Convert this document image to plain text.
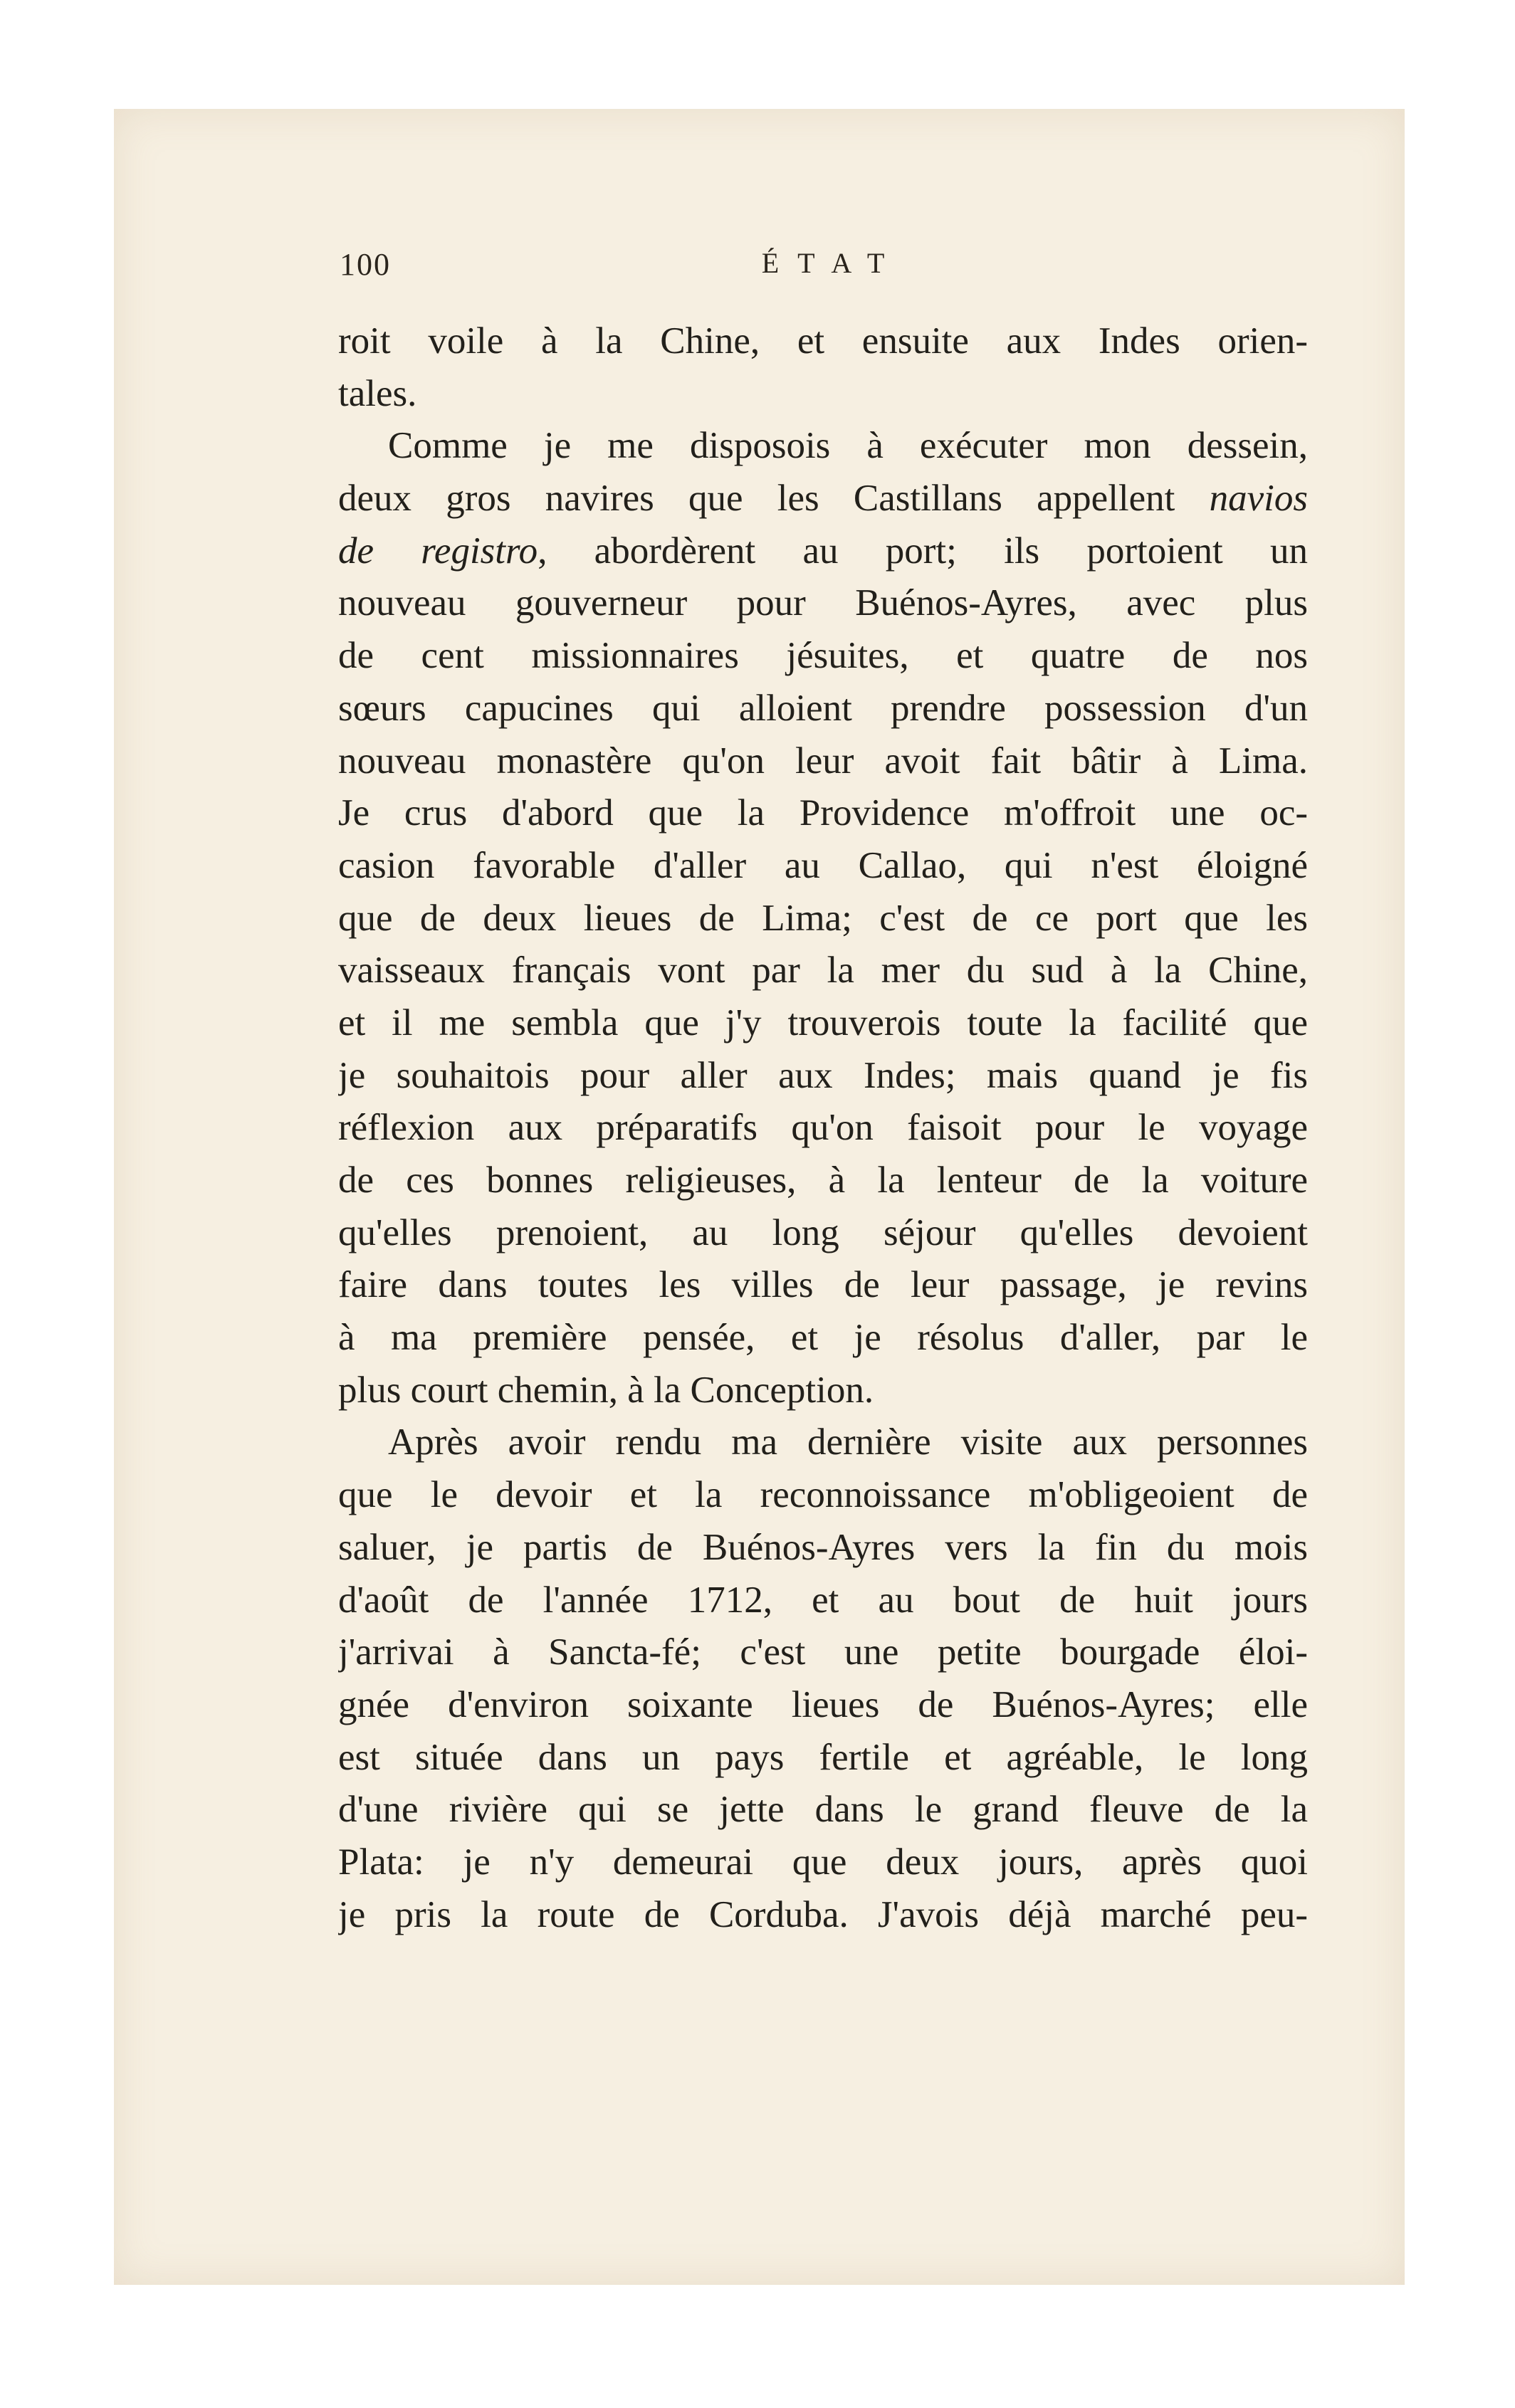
100	ÉTAT
roit voile à la Chine, et ensuite aux Indes orien-
tales.
Comme je me disposois à exécuter mon dessein,
deux gros navires que les Castillans appellent navios
de registro, abordèrent au port; ils portoient un
nouveau gouverneur pour Buénos-Ayres, avec plus
de cent missionnaires jésuites, et quatre de nos
sœurs capucines qui alloient prendre possession d'un
nouveau monastère qu'on leur avoit fait bâtir à Lima.
Je crus d'abord que la Providence m'offroit une oc-
casion favorable d'aller au Callao, qui n'est éloigné
que de deux lieues de Lima; c'est de ce port que les
vaisseaux français vont par la mer du sud à la Chine,
et il me sembla que j'y trouverois toute la facilité que
je souhaitois pour aller aux Indes; mais quand je fis
réflexion aux préparatifs qu'on faisoit pour le voyage
de ces bonnes religieuses, à la lenteur de la voiture
qu'elles prenoient, au long séjour qu'elles devoient
faire dans toutes les villes de leur passage, je revins
à ma première pensée, et je résolus d'aller, par le
plus court chemin, à la Conception.
Après avoir rendu ma dernière visite aux personnes
que le devoir et la reconnoissance m'obligeoient de
saluer, je partis de Buénos-Ayres vers la fin du mois
d'août de l'année 1712, et au bout de huit jours
j'arrivai à Sancta-fé; c'est une petite bourgade éloi-
gnée d'environ soixante lieues de Buénos-Ayres; elle
est située dans un pays fertile et agréable, le long
d'une rivière qui se jette dans le grand fleuve de la
Plata: je n'y demeurai que deux jours, après quoi
je pris la route de Corduba. J'avois déjà marché peu-
